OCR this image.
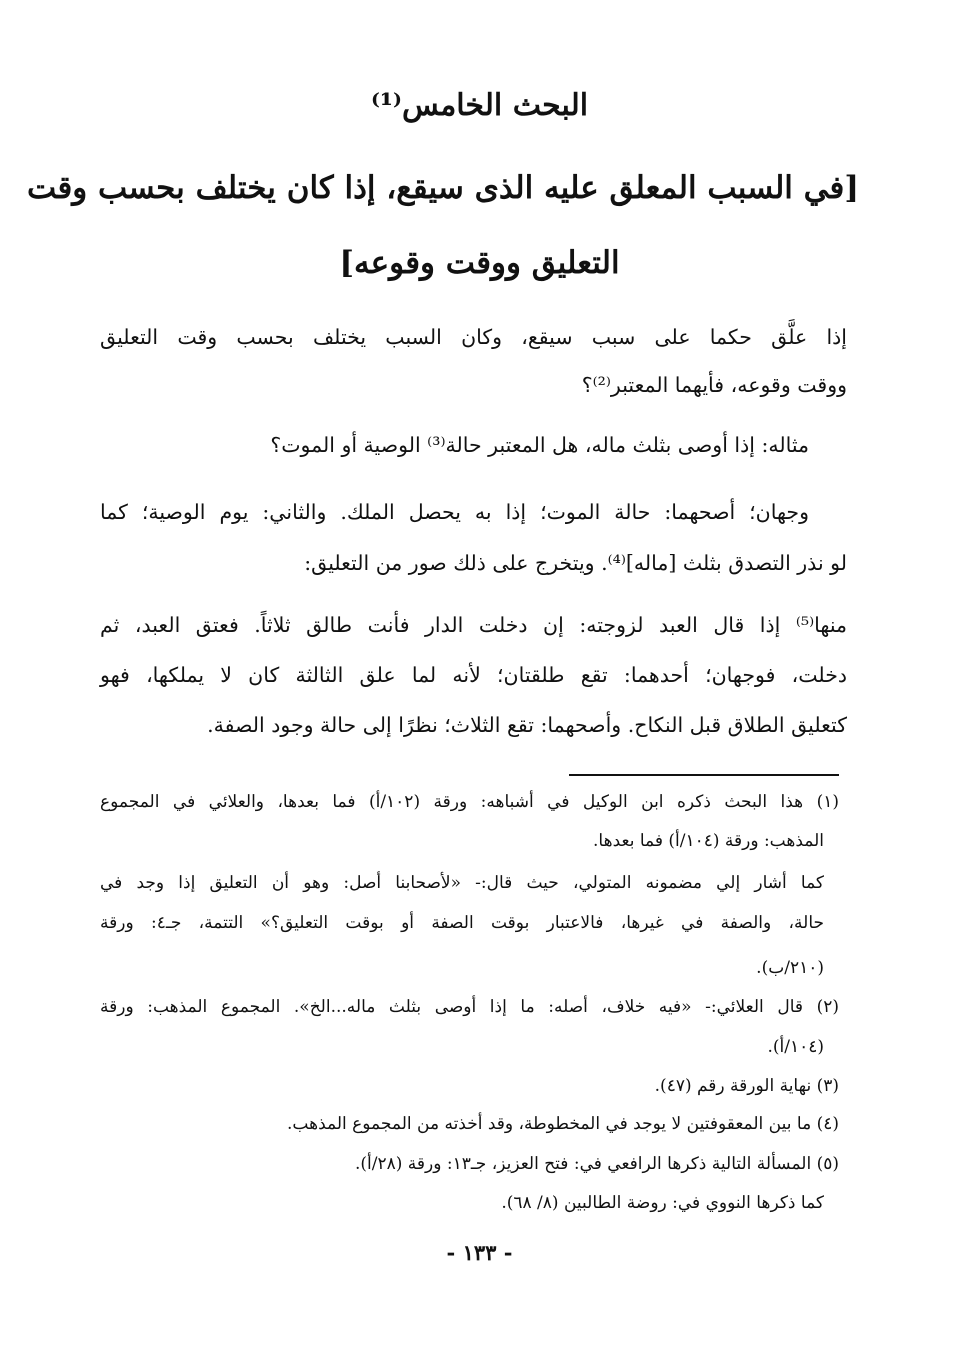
البحث الخامس⁽¹⁾
[في السبب المعلق عليه الذى سيقع، إذا كان يختلف بحسب وقت
التعليق ووقت وقوعه]
إذا علَّق حكما على سبب سيقع، وكان السبب يختلف بحسب وقت التعليق
ووقت وقوعه، فأيهما المعتبر⁽²⁾؟
مثاله: إذا أوصى بثلث ماله، هل المعتبر حالة⁽³⁾ الوصية أو الموت؟
وجهان؛ أصحهما: حالة الموت؛ إذا به يحصل الملك. والثاني: يوم الوصية؛ كما
لو نذر التصدق بثلث [ماله]⁽⁴⁾. ويتخرج على ذلك صور من التعليق:
منها⁽⁵⁾ إذا قال العبد لزوجته: إن دخلت الدار فأنت طالق ثلاثاً. فعتق العبد، ثم
دخلت، فوجهان؛ أحدهما: تقع طلقتان؛ لأنه لما علق الثالثة كان لا يملكها، فهو
كتعليق الطلاق قبل النكاح. وأصحهما: تقع الثلاث؛ نظرًا إلى حالة وجود الصفة.
(١) هذا البحث ذكره ابن الوكيل في أشباهه: ورقة (١٠٢/أ) فما بعدها، والعلائي في المجموع
المذهب: ورقة (١٠٤/أ) فما بعدها.
كما أشار إلي مضمونه المتولي، حيث قال:- «لأصحابنا أصل: وهو أن التعليق إذا وجد في
حالة، والصفة في غيرها، فالاعتبار بوقت الصفة أو بوقت التعليق؟» التتمة، جـ٤: ورقة
(٢١٠/ب).
(٢) قال العلائي:- «فيه خلاف، أصله: ما إذا أوصى بثلث ماله...الخ». المجموع المذهب: ورقة
(١٠٤/أ).
(٣) نهاية الورقة رقم (٤٧).
(٤) ما بين المعقوفتين لا يوجد في المخطوطة، وقد أخذته من المجموع المذهب.
(٥) المسألة التالية ذكرها الرافعي في: فتح العزيز، جـ١٣: ورقة (٢٨/أ).
كما ذكرها النووي في: روضة الطالبين (٨/ ٦٨).
- ١٣٣ -
